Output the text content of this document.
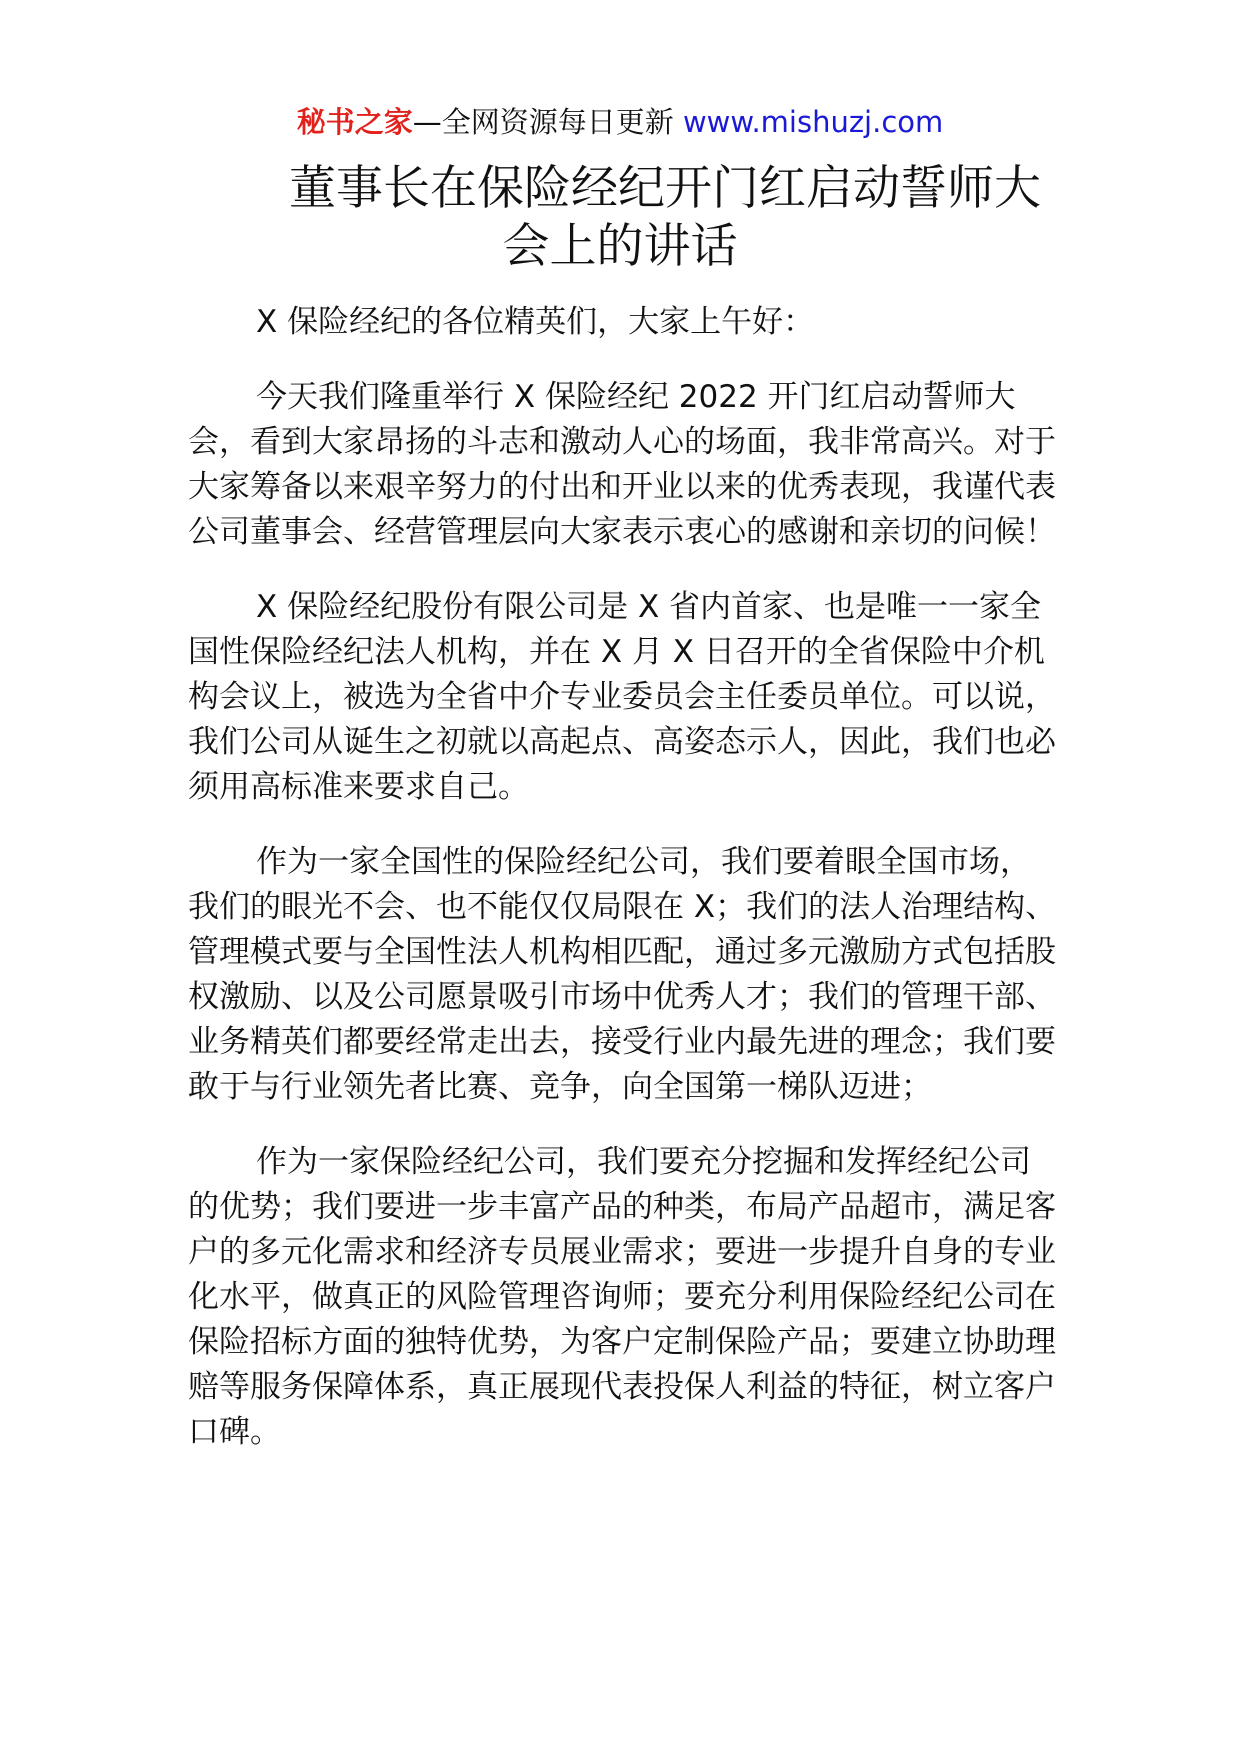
秘书之家—全网资源每日更新 www.mishuzj.com
董事长在保险经纪开门红启动誓师大
会上的讲话

X 保险经纪的各位精英们，大家上午好：

今天我们隆重举行 X 保险经纪 2022 开门红启动誓师大会，看到大家昂扬的斗志和激动人心的场面，我非常高兴。对于大家筹备以来艰辛努力的付出和开业以来的优秀表现，我谨代表公司董事会、经营管理层向大家表示衷心的感谢和亲切的问候！

X 保险经纪股份有限公司是 X 省内首家、也是唯一一家全国性保险经纪法人机构，并在 X 月 X 日召开的全省保险中介机构会议上，被选为全省中介专业委员会主任委员单位。可以说，我们公司从诞生之初就以高起点、高姿态示人，因此，我们也必须用高标准来要求自己。

作为一家全国性的保险经纪公司，我们要着眼全国市场，我们的眼光不会、也不能仅仅局限在 X；我们的法人治理结构、管理模式要与全国性法人机构相匹配，通过多元激励方式包括股权激励、以及公司愿景吸引市场中优秀人才；我们的管理干部、业务精英们都要经常走出去，接受行业内最先进的理念；我们要敢于与行业领先者比赛、竞争，向全国第一梯队迈进；

作为一家保险经纪公司，我们要充分挖掘和发挥经纪公司的优势；我们要进一步丰富产品的种类，布局产品超市，满足客户的多元化需求和经济专员展业需求；要进一步提升自身的专业化水平，做真正的风险管理咨询师；要充分利用保险经纪公司在保险招标方面的独特优势，为客户定制保险产品；要建立协助理赔等服务保障体系，真正展现代表投保人利益的特征，树立客户口碑。
